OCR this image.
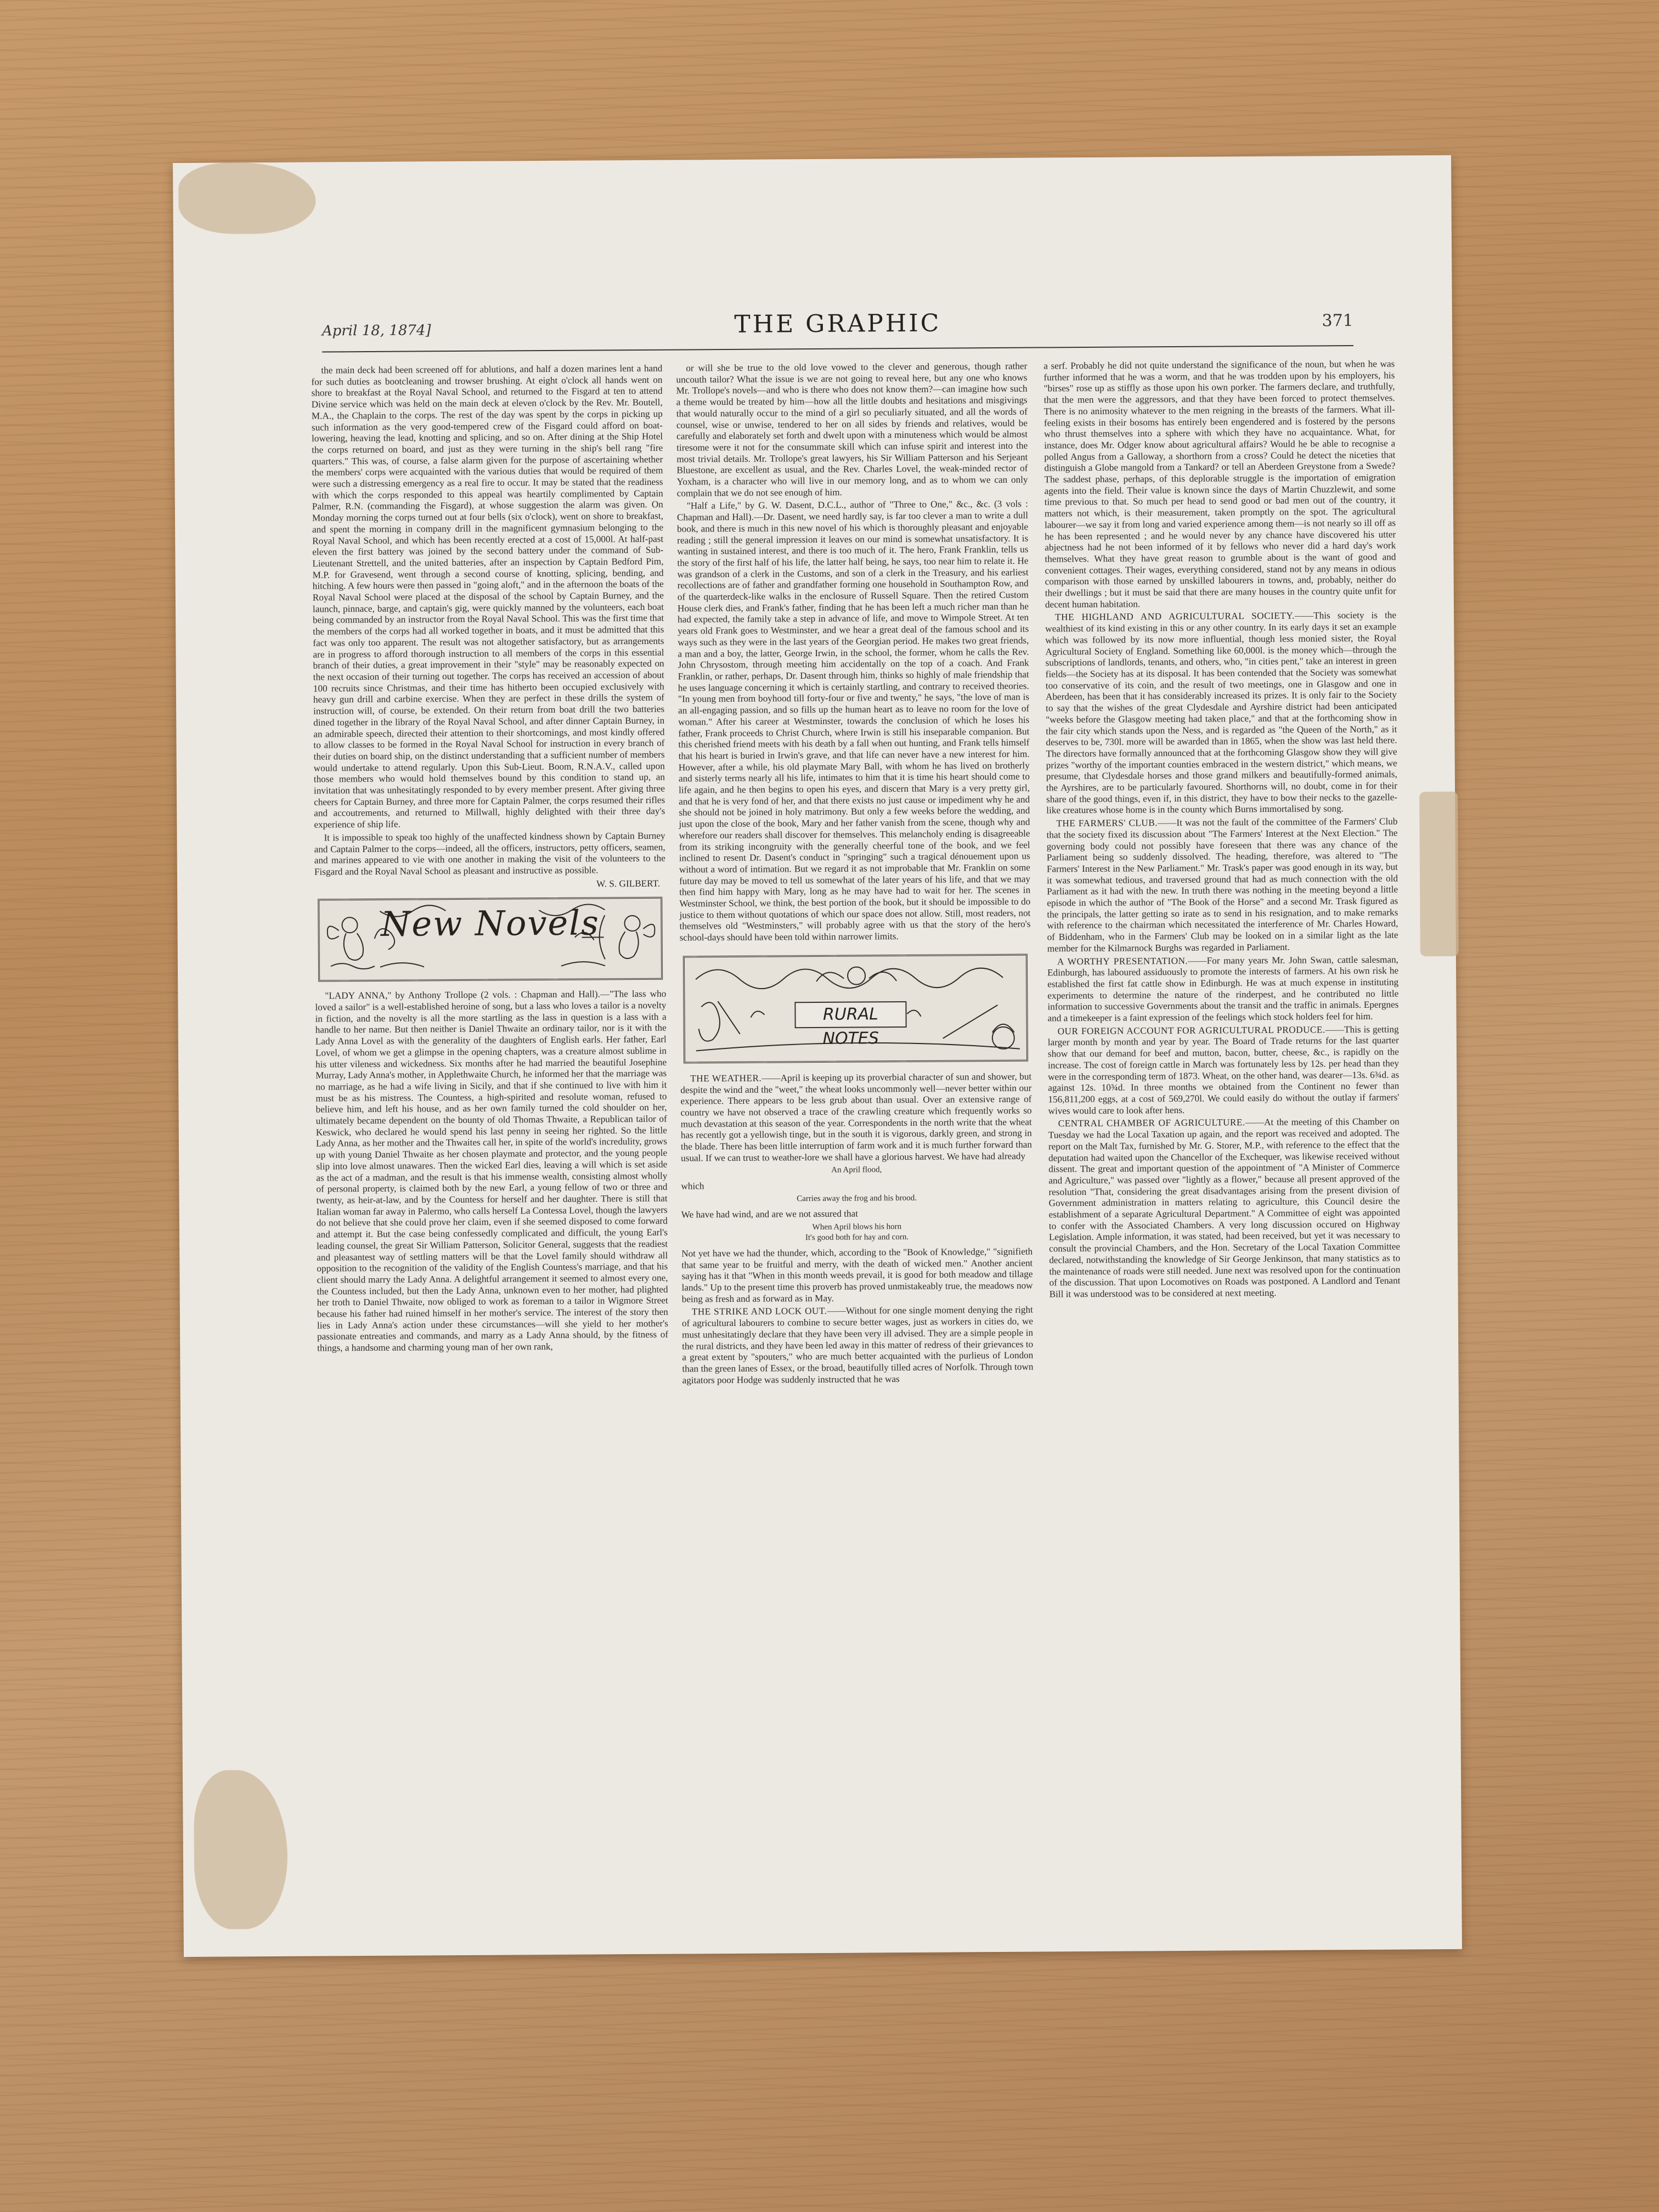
April 18, 1874]	THE GRAPHIC	371

the main deck had been screened off for ablutions, and half a dozen marines lent a hand for such duties as bootcleaning and trowser brushing. At eight o'clock all hands went on shore to breakfast at the Royal Naval School, and returned to the Fisgard at ten to attend Divine service which was held on the main deck at eleven o'clock by the Rev. Mr. Boutell, M.A., the Chaplain to the corps. The rest of the day was spent by the corps in picking up such information as the very good-tempered crew of the Fisgard could afford on boat-lowering, heaving the lead, knotting and splicing, and so on. After dining at the Ship Hotel the corps returned on board, and just as they were turning in the ship's bell rang "fire quarters." This was, of course, a false alarm given for the purpose of ascertaining whether the members' corps were acquainted with the various duties that would be required of them were such a distressing emergency as a real fire to occur. It may be stated that the readiness with which the corps responded to this appeal was heartily complimented by Captain Palmer, R.N. (commanding the Fisgard), at whose suggestion the alarm was given. On Monday morning the corps turned out at four bells (six o'clock), went on shore to breakfast, and spent the morning in company drill in the magnificent gymnasium belonging to the Royal Naval School, and which has been recently erected at a cost of 15,000l. At half-past eleven the first battery was joined by the second battery under the command of Sub-Lieutenant Strettell, and the united batteries, after an inspection by Captain Bedford Pim, M.P. for Gravesend, went through a second course of knotting, splicing, bending, and hitching. A few hours were then passed in "going aloft," and in the afternoon the boats of the Royal Naval School were placed at the disposal of the school by Captain Burney, and the launch, pinnace, barge, and captain's gig, were quickly manned by the volunteers, each boat being commanded by an instructor from the Royal Naval School. This was the first time that the members of the corps had all worked together in boats, and it must be admitted that this fact was only too apparent. The result was not altogether satisfactory, but as arrangements are in progress to afford thorough instruction to all members of the corps in this essential branch of their duties, a great improvement in their "style" may be reasonably expected on the next occasion of their turning out together. The corps has received an accession of about 100 recruits since Christmas, and their time has hitherto been occupied exclusively with heavy gun drill and carbine exercise. When they are perfect in these drills the system of instruction will, of course, be extended. On their return from boat drill the two batteries dined together in the library of the Royal Naval School, and after dinner Captain Burney, in an admirable speech, directed their attention to their shortcomings, and most kindly offered to allow classes to be formed in the Royal Naval School for instruction in every branch of their duties on board ship, on the distinct understanding that a sufficient number of members would undertake to attend regularly. Upon this Sub-Lieut. Boom, R.N.A.V., called upon those members who would hold themselves bound by this condition to stand up, an invitation that was unhesitatingly responded to by every member present. After giving three cheers for Captain Burney, and three more for Captain Palmer, the corps resumed their rifles and accoutrements, and returned to Millwall, highly delighted with their three day's experience of ship life.

It is impossible to speak too highly of the unaffected kindness shown by Captain Burney and Captain Palmer to the corps—indeed, all the officers, instructors, petty officers, seamen, and marines appeared to vie with one another in making the visit of the volunteers to the Fisgard and the Royal Naval School as pleasant and instructive as possible.

W. S. GILBERT.

New Novels

"LADY ANNA," by Anthony Trollope (2 vols. : Chapman and Hall).—"The lass who loved a sailor" is a well-established heroine of song, but a lass who loves a tailor is a novelty in fiction, and the novelty is all the more startling as the lass in question is a lass with a handle to her name. But then neither is Daniel Thwaite an ordinary tailor, nor is it with the Lady Anna Lovel as with the generality of the daughters of English earls. Her father, Earl Lovel, of whom we get a glimpse in the opening chapters, was a creature almost sublime in his utter vileness and wickedness. Six months after he had married the beautiful Josephine Murray, Lady Anna's mother, in Applethwaite Church, he informed her that the marriage was no marriage, as he had a wife living in Sicily, and that if she continued to live with him it must be as his mistress. The Countess, a high-spirited and resolute woman, refused to believe him, and left his house, and as her own family turned the cold shoulder on her, ultimately became dependent on the bounty of old Thomas Thwaite, a Republican tailor of Keswick, who declared he would spend his last penny in seeing her righted. So the little Lady Anna, as her mother and the Thwaites call her, in spite of the world's incredulity, grows up with young Daniel Thwaite as her chosen playmate and protector, and the young people slip into love almost unawares. Then the wicked Earl dies, leaving a will which is set aside as the act of a madman, and the result is that his immense wealth, consisting almost wholly of personal property, is claimed both by the new Earl, a young fellow of two or three and twenty, as heir-at-law, and by the Countess for herself and her daughter. There is still that Italian woman far away in Palermo, who calls herself La Contessa Lovel, though the lawyers do not believe that she could prove her claim, even if she seemed disposed to come forward and attempt it. But the case being confessedly complicated and difficult, the young Earl's leading counsel, the great Sir William Patterson, Solicitor General, suggests that the readiest and pleasantest way of settling matters will be that the Lovel family should withdraw all opposition to the recognition of the validity of the English Countess's marriage, and that his client should marry the Lady Anna. A delightful arrangement it seemed to almost every one, the Countess included, but then the Lady Anna, unknown even to her mother, had plighted her troth to Daniel Thwaite, now obliged to work as foreman to a tailor in Wigmore Street because his father had ruined himself in her mother's service. The interest of the story then lies in Lady Anna's action under these circumstances—will she yield to her mother's passionate entreaties and commands, and marry as a Lady Anna should, by the fitness of things, a handsome and charming young man of her own rank,

or will she be true to the old love vowed to the clever and generous, though rather uncouth tailor? What the issue is we are not going to reveal here, but any one who knows Mr. Trollope's novels—and who is there who does not know them?—can imagine how such a theme would be treated by him—how all the little doubts and hesitations and misgivings that would naturally occur to the mind of a girl so peculiarly situated, and all the words of counsel, wise or unwise, tendered to her on all sides by friends and relatives, would be carefully and elaborately set forth and dwelt upon with a minuteness which would be almost tiresome were it not for the consummate skill which can infuse spirit and interest into the most trivial details. Mr. Trollope's great lawyers, his Sir William Patterson and his Serjeant Bluestone, are excellent as usual, and the Rev. Charles Lovel, the weak-minded rector of Yoxham, is a character who will live in our memory long, and as to whom we can only complain that we do not see enough of him.

"Half a Life," by G. W. Dasent, D.C.L., author of "Three to One," &c., &c. (3 vols : Chapman and Hall).—Dr. Dasent, we need hardly say, is far too clever a man to write a dull book, and there is much in this new novel of his which is thoroughly pleasant and enjoyable reading ; still the general impression it leaves on our mind is somewhat unsatisfactory. It is wanting in sustained interest, and there is too much of it. The hero, Frank Franklin, tells us the story of the first half of his life, the latter half being, he says, too near him to relate it. He was grandson of a clerk in the Customs, and son of a clerk in the Treasury, and his earliest recollections are of father and grandfather forming one household in Southampton Row, and of the quarterdeck-like walks in the enclosure of Russell Square. Then the retired Custom House clerk dies, and Frank's father, finding that he has been left a much richer man than he had expected, the family take a step in advance of life, and move to Wimpole Street. At ten years old Frank goes to Westminster, and we hear a great deal of the famous school and its ways such as they were in the last years of the Georgian period. He makes two great friends, a man and a boy, the latter, George Irwin, in the school, the former, whom he calls the Rev. John Chrysostom, through meeting him accidentally on the top of a coach. And Frank Franklin, or rather, perhaps, Dr. Dasent through him, thinks so highly of male friendship that he uses language concerning it which is certainly startling, and contrary to received theories. "In young men from boyhood till forty-four or five and twenty," he says, "the love of man is an all-engaging passion, and so fills up the human heart as to leave no room for the love of woman." After his career at Westminster, towards the conclusion of which he loses his father, Frank proceeds to Christ Church, where Irwin is still his inseparable companion. But this cherished friend meets with his death by a fall when out hunting, and Frank tells himself that his heart is buried in Irwin's grave, and that life can never have a new interest for him. However, after a while, his old playmate Mary Ball, with whom he has lived on brotherly and sisterly terms nearly all his life, intimates to him that it is time his heart should come to life again, and he then begins to open his eyes, and discern that Mary is a very pretty girl, and that he is very fond of her, and that there exists no just cause or impediment why he and she should not be joined in holy matrimony. But only a few weeks before the wedding, and just upon the close of the book, Mary and her father vanish from the scene, though why and wherefore our readers shall discover for themselves. This melancholy ending is disagreeable from its striking incongruity with the generally cheerful tone of the book, and we feel inclined to resent Dr. Dasent's conduct in "springing" such a tragical dénouement upon us without a word of intimation. But we regard it as not improbable that Mr. Franklin on some future day may be moved to tell us somewhat of the later years of his life, and that we may then find him happy with Mary, long as he may have had to wait for her. The scenes in Westminster School, we think, the best portion of the book, but it should be impossible to do justice to them without quotations of which our space does not allow. Still, most readers, not themselves old "Westminsters," will probably agree with us that the story of the hero's school-days should have been told within narrower limits.

RURAL NOTES

THE WEATHER.——April is keeping up its proverbial character of sun and shower, but despite the wind and the "weet," the wheat looks uncommonly well—never better within our experience. There appears to be less grub about than usual. Over an extensive range of country we have not observed a trace of the crawling creature which frequently works so much devastation at this season of the year. Correspondents in the north write that the wheat has recently got a yellowish tinge, but in the south it is vigorous, darkly green, and strong in the blade. There has been little interruption of farm work and it is much further forward than usual. If we can trust to weather-lore we shall have a glorious harvest. We have had already

An April flood,

which

Carries away the frog and his brood.

We have had wind, and are we not assured that

When April blows his horn
It's good both for hay and corn.

Not yet have we had the thunder, which, according to the "Book of Knowledge," "signifieth that same year to be fruitful and merry, with the death of wicked men." Another ancient saying has it that "When in this month weeds prevail, it is good for both meadow and tillage lands." Up to the present time this proverb has proved unmistakeably true, the meadows now being as fresh and as forward as in May.

THE STRIKE AND LOCK OUT.——Without for one single moment denying the right of agricultural labourers to combine to secure better wages, just as workers in cities do, we must unhesitatingly declare that they have been very ill advised. They are a simple people in the rural districts, and they have been led away in this matter of redress of their grievances to a great extent by "spouters," who are much better acquainted with the purlieus of London than the green lanes of Essex, or the broad, beautifully tilled acres of Norfolk. Through town agitators poor Hodge was suddenly instructed that he was

a serf. Probably he did not quite understand the significance of the noun, but when he was further informed that he was a worm, and that he was trodden upon by his employers, his "birses" rose up as stiffly as those upon his own porker. The farmers declare, and truthfully, that the men were the aggressors, and that they have been forced to protect themselves. There is no animosity whatever to the men reigning in the breasts of the farmers. What ill-feeling exists in their bosoms has entirely been engendered and is fostered by the persons who thrust themselves into a sphere with which they have no acquaintance. What, for instance, does Mr. Odger know about agricultural affairs? Would he be able to recognise a polled Angus from a Galloway, a shorthorn from a cross? Could he detect the niceties that distinguish a Globe mangold from a Tankard? or tell an Aberdeen Greystone from a Swede? The saddest phase, perhaps, of this deplorable struggle is the importation of emigration agents into the field. Their value is known since the days of Martin Chuzzlewit, and some time previous to that. So much per head to send good or bad men out of the country, it matters not which, is their measurement, taken promptly on the spot. The agricultural labourer—we say it from long and varied experience among them—is not nearly so ill off as he has been represented ; and he would never by any chance have discovered his utter abjectness had he not been informed of it by fellows who never did a hard day's work themselves. What they have great reason to grumble about is the want of good and convenient cottages. Their wages, everything considered, stand not by any means in odious comparison with those earned by unskilled labourers in towns, and, probably, neither do their dwellings ; but it must be said that there are many houses in the country quite unfit for decent human habitation.

THE HIGHLAND AND AGRICULTURAL SOCIETY.——This society is the wealthiest of its kind existing in this or any other country. In its early days it set an example which was followed by its now more influential, though less monied sister, the Royal Agricultural Society of England. Something like 60,000l. is the money which—through the subscriptions of landlords, tenants, and others, who, "in cities pent," take an interest in green fields—the Society has at its disposal. It has been contended that the Society was somewhat too conservative of its coin, and the result of two meetings, one in Glasgow and one in Aberdeen, has been that it has considerably increased its prizes. It is only fair to the Society to say that the wishes of the great Clydesdale and Ayrshire district had been anticipated "weeks before the Glasgow meeting had taken place," and that at the forthcoming show in the fair city which stands upon the Ness, and is regarded as "the Queen of the North," as it deserves to be, 730l. more will be awarded than in 1865, when the show was last held there. The directors have formally announced that at the forthcoming Glasgow show they will give prizes "worthy of the important counties embraced in the western district," which means, we presume, that Clydesdale horses and those grand milkers and beautifully-formed animals, the Ayrshires, are to be particularly favoured. Shorthorns will, no doubt, come in for their share of the good things, even if, in this district, they have to bow their necks to the gazelle-like creatures whose home is in the county which Burns immortalised by song.

THE FARMERS' CLUB.——It was not the fault of the committee of the Farmers' Club that the society fixed its discussion about "The Farmers' Interest at the Next Election." The governing body could not possibly have foreseen that there was any chance of the Parliament being so suddenly dissolved. The heading, therefore, was altered to "The Farmers' Interest in the New Parliament." Mr. Trask's paper was good enough in its way, but it was somewhat tedious, and traversed ground that had as much connection with the old Parliament as it had with the new. In truth there was nothing in the meeting beyond a little episode in which the author of "The Book of the Horse" and a second Mr. Trask figured as the principals, the latter getting so irate as to send in his resignation, and to make remarks with reference to the chairman which necessitated the interference of Mr. Charles Howard, of Biddenham, who in the Farmers' Club may be looked on in a similar light as the late member for the Kilmarnock Burghs was regarded in Parliament.

A WORTHY PRESENTATION.——For many years Mr. John Swan, cattle salesman, Edinburgh, has laboured assiduously to promote the interests of farmers. At his own risk he established the first fat cattle show in Edinburgh. He was at much expense in instituting experiments to determine the nature of the rinderpest, and he contributed no little information to successive Governments about the transit and the traffic in animals. Epergnes and a timekeeper is a faint expression of the feelings which stock holders feel for him.

OUR FOREIGN ACCOUNT FOR AGRICULTURAL PRODUCE.——This is getting larger month by month and year by year. The Board of Trade returns for the last quarter show that our demand for beef and mutton, bacon, butter, cheese, &c., is rapidly on the increase. The cost of foreign cattle in March was fortunately less by 12s. per head than they were in the corresponding term of 1873. Wheat, on the other hand, was dearer—13s. 6¾d. as against 12s. 10¾d. In three months we obtained from the Continent no fewer than 156,811,200 eggs, at a cost of 569,270l. We could easily do without the outlay if farmers' wives would care to look after hens.

CENTRAL CHAMBER OF AGRICULTURE.——At the meeting of this Chamber on Tuesday we had the Local Taxation up again, and the report was received and adopted. The report on the Malt Tax, furnished by Mr. G. Storer, M.P., with reference to the effect that the deputation had waited upon the Chancellor of the Exchequer, was likewise received without dissent. The great and important question of the appointment of "A Minister of Commerce and Agriculture," was passed over "lightly as a flower," because all present approved of the resolution "That, considering the great disadvantages arising from the present division of Government administration in matters relating to agriculture, this Council desire the establishment of a separate Agricultural Department." A Committee of eight was appointed to confer with the Associated Chambers. A very long discussion occured on Highway Legislation. Ample information, it was stated, had been received, but yet it was necessary to consult the provincial Chambers, and the Hon. Secretary of the Local Taxation Committee declared, notwithstanding the knowledge of Sir George Jenkinson, that many statistics as to the maintenance of roads were still needed. June next was resolved upon for the continuation of the discussion. That upon Locomotives on Roads was postponed. A Landlord and Tenant Bill it was understood was to be considered at next meeting.
